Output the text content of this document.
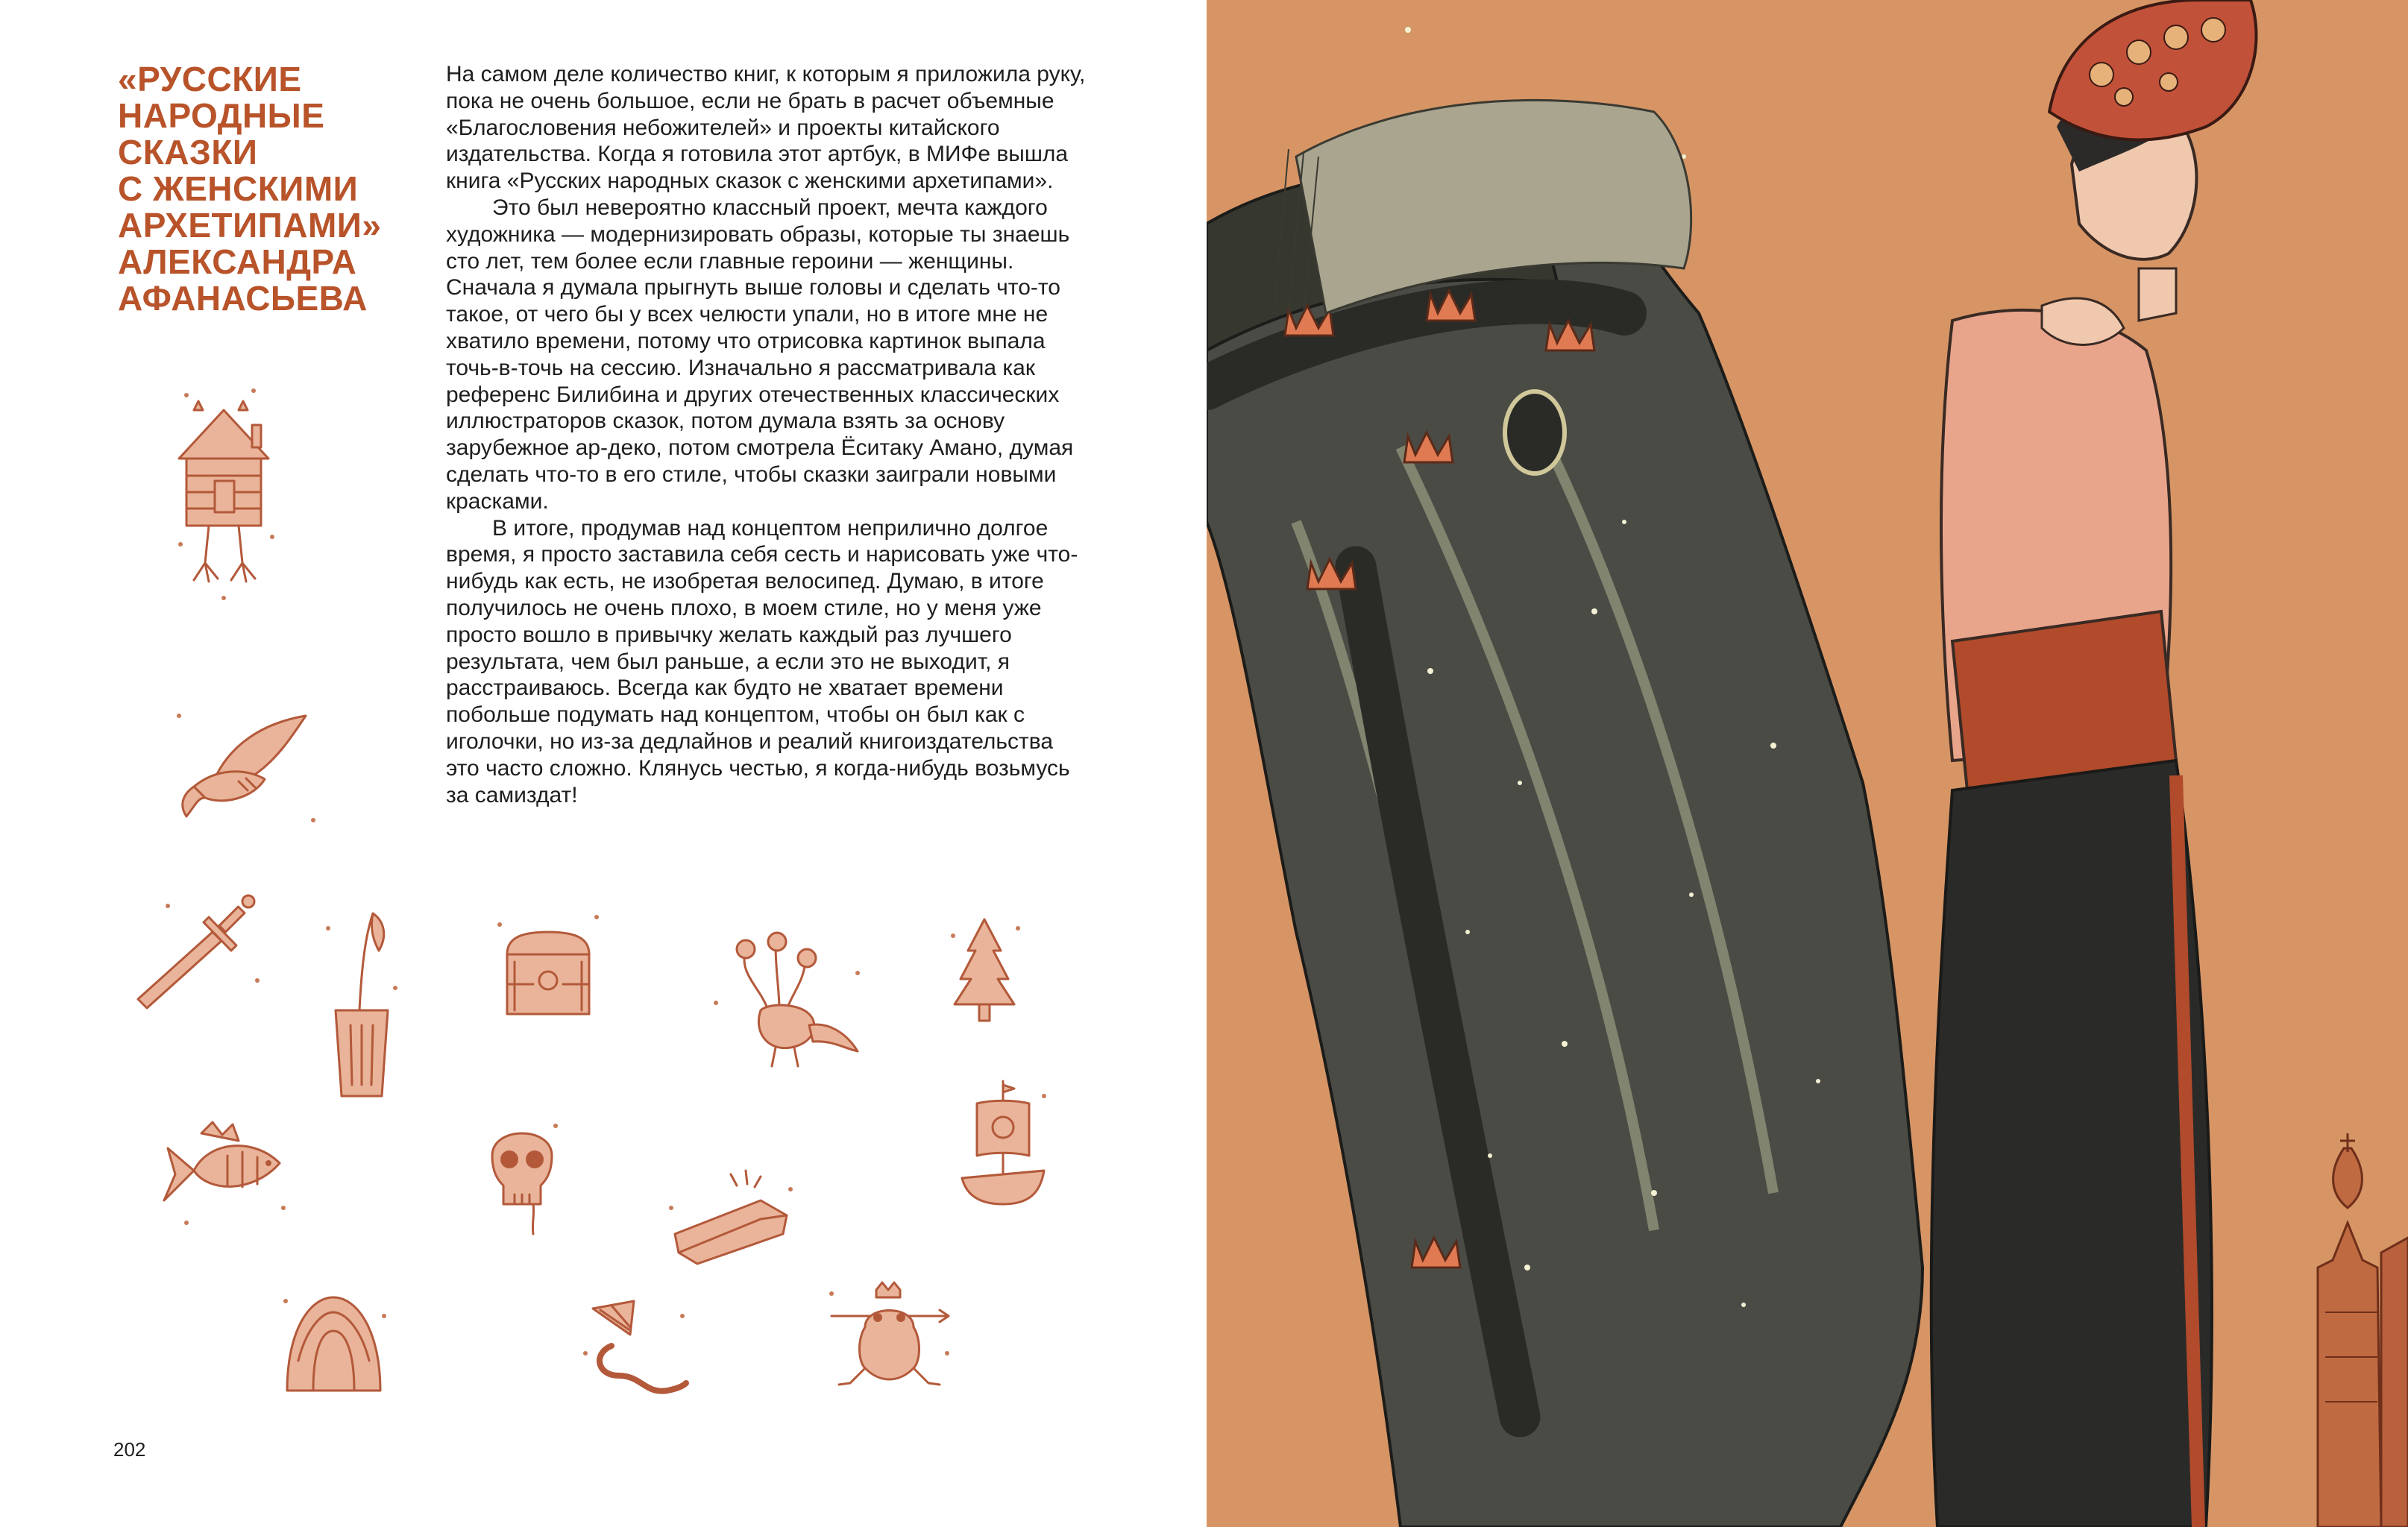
«РУССКИЕ
НАРОДНЫЕ
СКАЗКИ
С ЖЕНСКИМИ
АРХЕТИПАМИ»
АЛЕКСАНДРА
АФАНАСЬЕВА

На самом деле количество книг, к которым я приложила руку, пока не очень большое, если не брать в расчет объемные «Благословения небожителей» и проекты китайского издательства. Когда я готовила этот артбук, в МИФе вышла книга «Русских народных сказок с женскими архетипами».

Это был невероятно классный проект, мечта каждого художника — модернизировать образы, которые ты знаешь сто лет, тем более если главные героини — женщины. Сначала я думала прыгнуть выше головы и сделать что-то такое, от чего бы у всех челюсти упали, но в итоге мне не хватило времени, потому что отрисовка картинок выпала точь-в-точь на сессию. Изначально я рассматривала как референс Билибина и других отечественных классических иллюстраторов сказок, потом думала взять за основу зарубежное ар-деко, потом смотрела Ёситаку Амано, думая сделать что-то в его стиле, чтобы сказки заиграли новыми красками.

В итоге, продумав над концептом неприлично долгое время, я просто заставила себя сесть и нарисовать уже что-нибудь как есть, не изобретая велосипед. Думаю, в итоге получилось не очень плохо, в моем стиле, но у меня уже просто вошло в привычку желать каждый раз лучшего результата, чем был раньше, а если это не выходит, я расстраиваюсь. Всегда как будто не хватает времени побольше подумать над концептом, чтобы он был как с иголочки, но из-за дедлайнов и реалий книгоиздательства это часто сложно. Клянусь честью, я когда-нибудь возьмусь за самиздат!

202
